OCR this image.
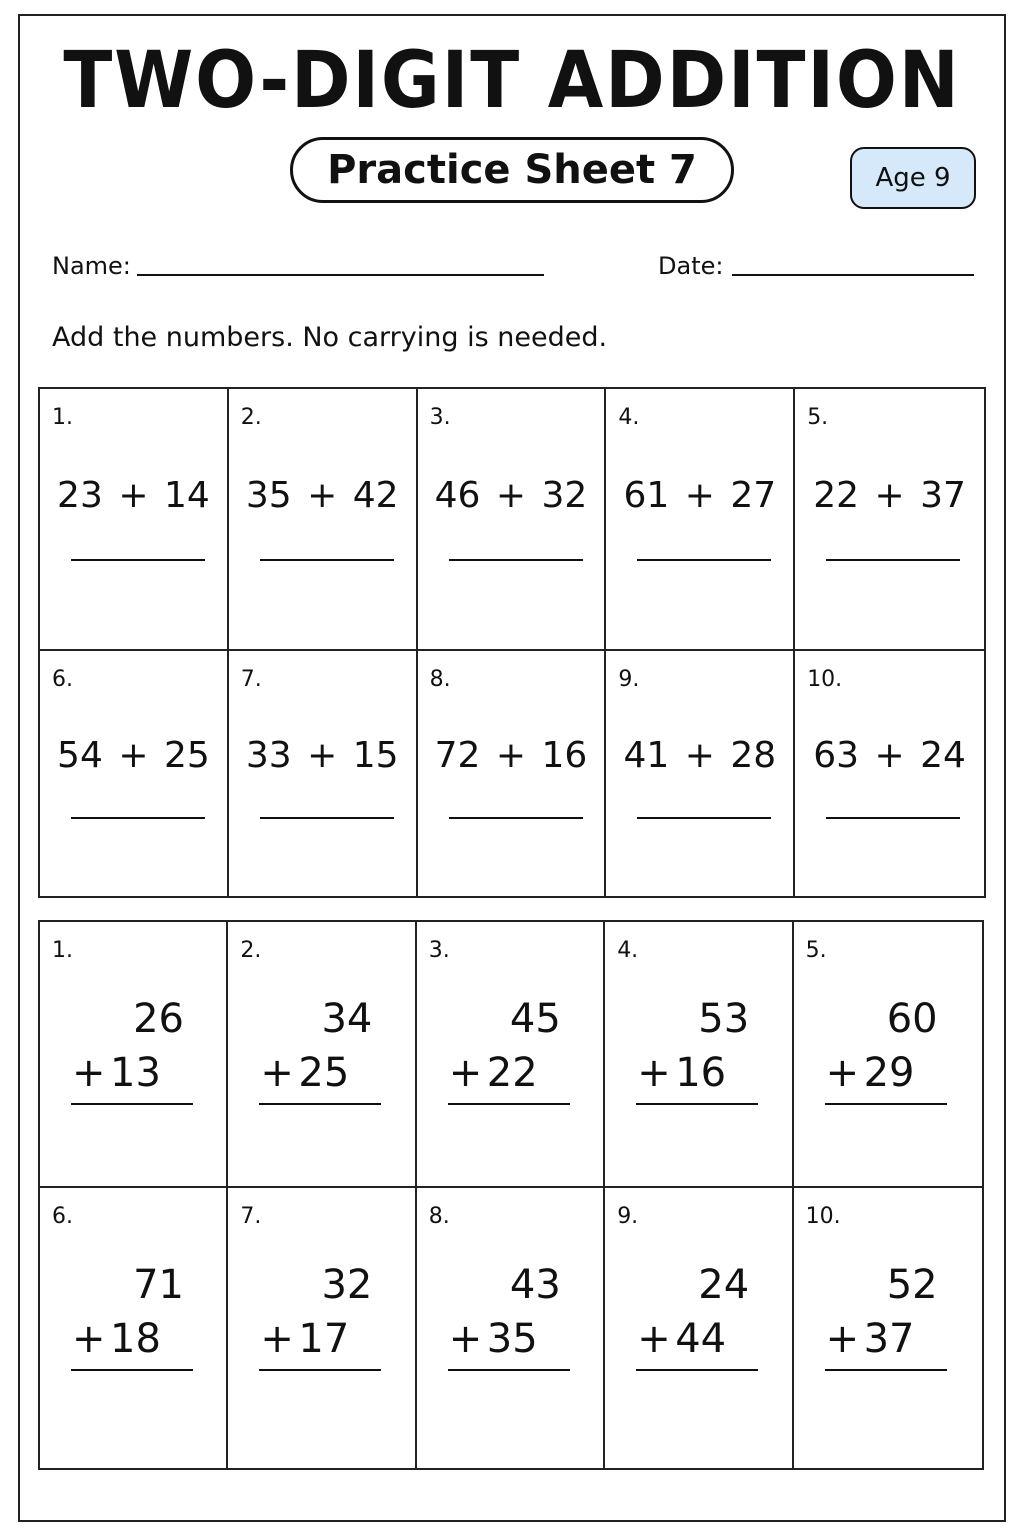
TWO-DIGIT ADDITION
Practice Sheet 7	Age 9
Name:	Date:
Add the numbers. No carrying is needed.
1.
23 + 14
2.
35 + 42
3.
46 + 32
4.
61 + 27
5.
22 + 37
6.
54 + 25
7.
33 + 15
8.
72 + 16
9.
41 + 28
10.
63 + 24
1.
26
+ 13
2.
34
+ 25
3.
45
+ 22
4.
53
+ 16
5.
60
+ 29
6.
71
+ 18
7.
32
+ 17
8.
43
+ 35
9.
24
+ 44
10.
52
+ 37
